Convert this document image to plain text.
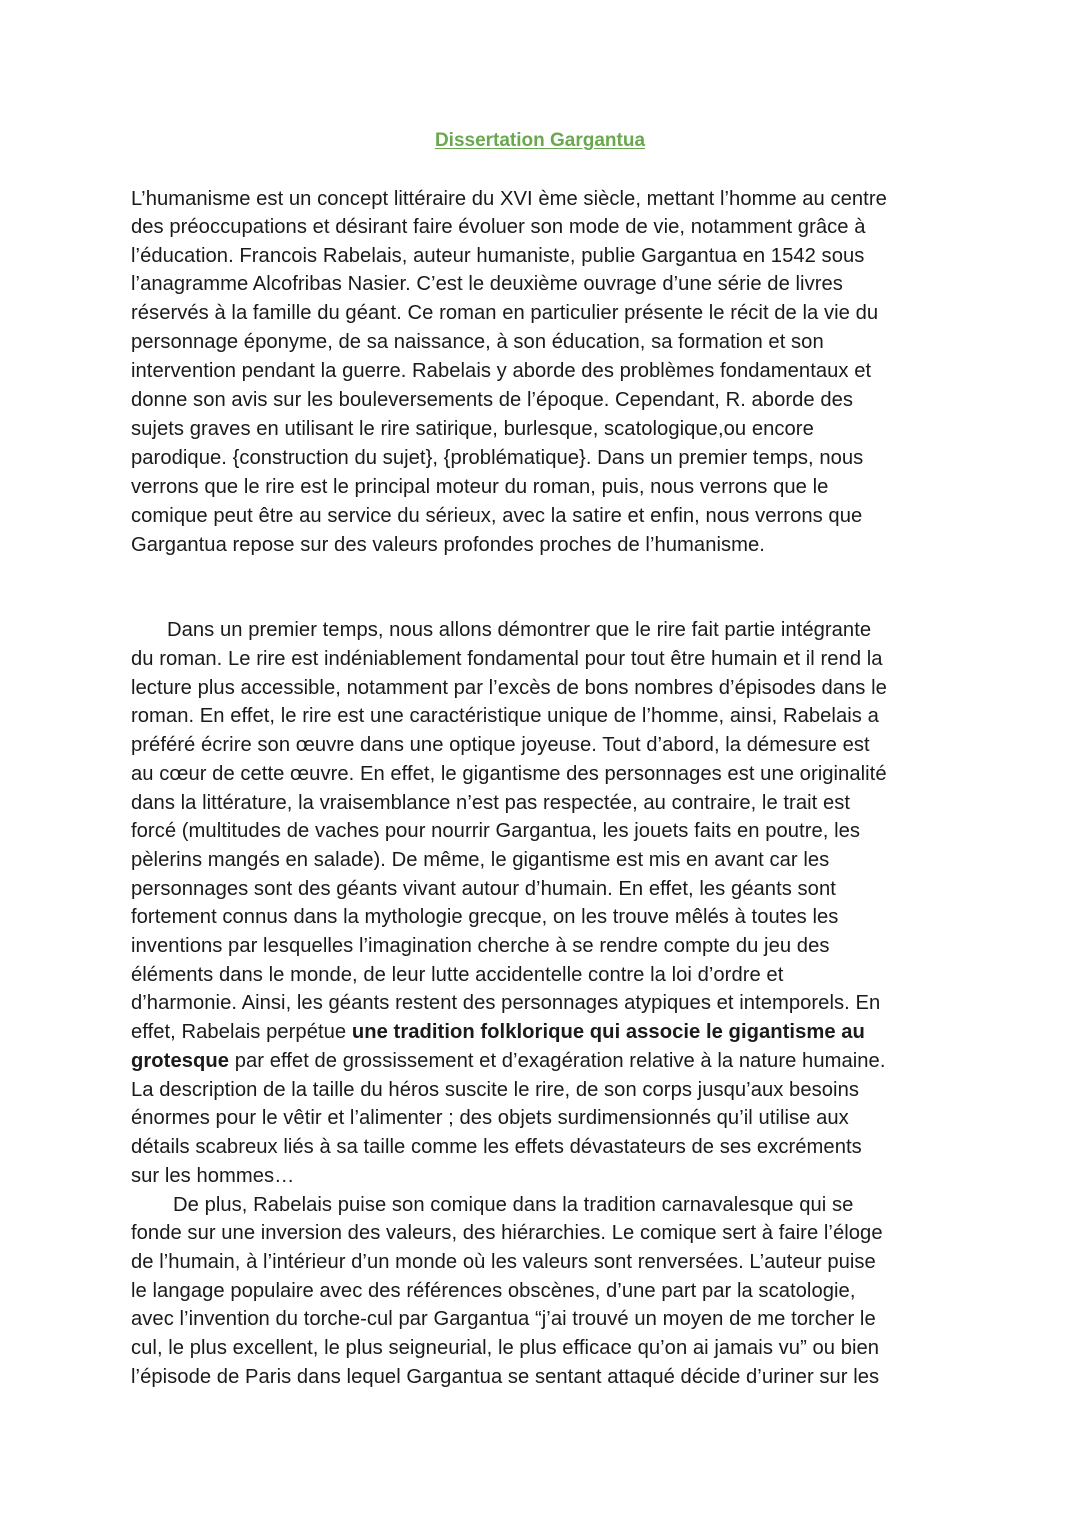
Dissertation Gargantua
L’humanisme est un concept littéraire du XVI ème siècle, mettant l’homme au centre
des préoccupations et désirant faire évoluer son mode de vie, notamment grâce à
l’éducation. Francois Rabelais, auteur humaniste, publie Gargantua en 1542 sous
l’anagramme Alcofribas Nasier. C’est le deuxième ouvrage d’une série de livres
réservés à la famille du géant. Ce roman en particulier présente le récit de la vie du
personnage éponyme, de sa naissance, à son éducation, sa formation et son
intervention pendant la guerre. Rabelais y aborde des problèmes fondamentaux et
donne son avis sur les bouleversements de l’époque. Cependant, R. aborde des
sujets graves en utilisant le rire satirique, burlesque, scatologique,ou encore
parodique. {construction du sujet}, {problématique}. Dans un premier temps, nous
verrons que le rire est le principal moteur du roman, puis, nous verrons que le
comique peut être au service du sérieux, avec la satire et enfin, nous verrons que
Gargantua repose sur des valeurs profondes proches de l’humanisme.
Dans un premier temps, nous allons démontrer que le rire fait partie intégrante
du roman. Le rire est indéniablement fondamental pour tout être humain et il rend la
lecture plus accessible, notamment par l’excès de bons nombres d’épisodes dans le
roman. En effet, le rire est une caractéristique unique de l’homme, ainsi, Rabelais a
préféré écrire son œuvre dans une optique joyeuse. Tout d’abord, la démesure est
au cœur de cette œuvre. En effet, le gigantisme des personnages est une originalité
dans la littérature, la vraisemblance n’est pas respectée, au contraire, le trait est
forcé (multitudes de vaches pour nourrir Gargantua, les jouets faits en poutre, les
pèlerins mangés en salade). De même, le gigantisme est mis en avant car les
personnages sont des géants vivant autour d’humain. En effet, les géants sont
fortement connus dans la mythologie grecque, on les trouve mêlés à toutes les
inventions par lesquelles l’imagination cherche à se rendre compte du jeu des
éléments dans le monde, de leur lutte accidentelle contre la loi d’ordre et
d’harmonie. Ainsi, les géants restent des personnages atypiques et intemporels. En
effet, Rabelais perpétue une tradition folklorique qui associe le gigantisme au
grotesque par effet de grossissement et d’exagération relative à la nature humaine.
La description de la taille du héros suscite le rire, de son corps jusqu’aux besoins
énormes pour le vêtir et l’alimenter ; des objets surdimensionnés qu’il utilise aux
détails scabreux liés à sa taille comme les effets dévastateurs de ses excréments
sur les hommes…
De plus, Rabelais puise son comique dans la tradition carnavalesque qui se
fonde sur une inversion des valeurs, des hiérarchies. Le comique sert à faire l’éloge
de l’humain, à l’intérieur d’un monde où les valeurs sont renversées. L’auteur puise
le langage populaire avec des références obscènes, d’une part par la scatologie,
avec l’invention du torche-cul par Gargantua “j’ai trouvé un moyen de me torcher le
cul, le plus excellent, le plus seigneurial, le plus efficace qu’on ai jamais vu” ou bien
l’épisode de Paris dans lequel Gargantua se sentant attaqué décide d’uriner sur les
